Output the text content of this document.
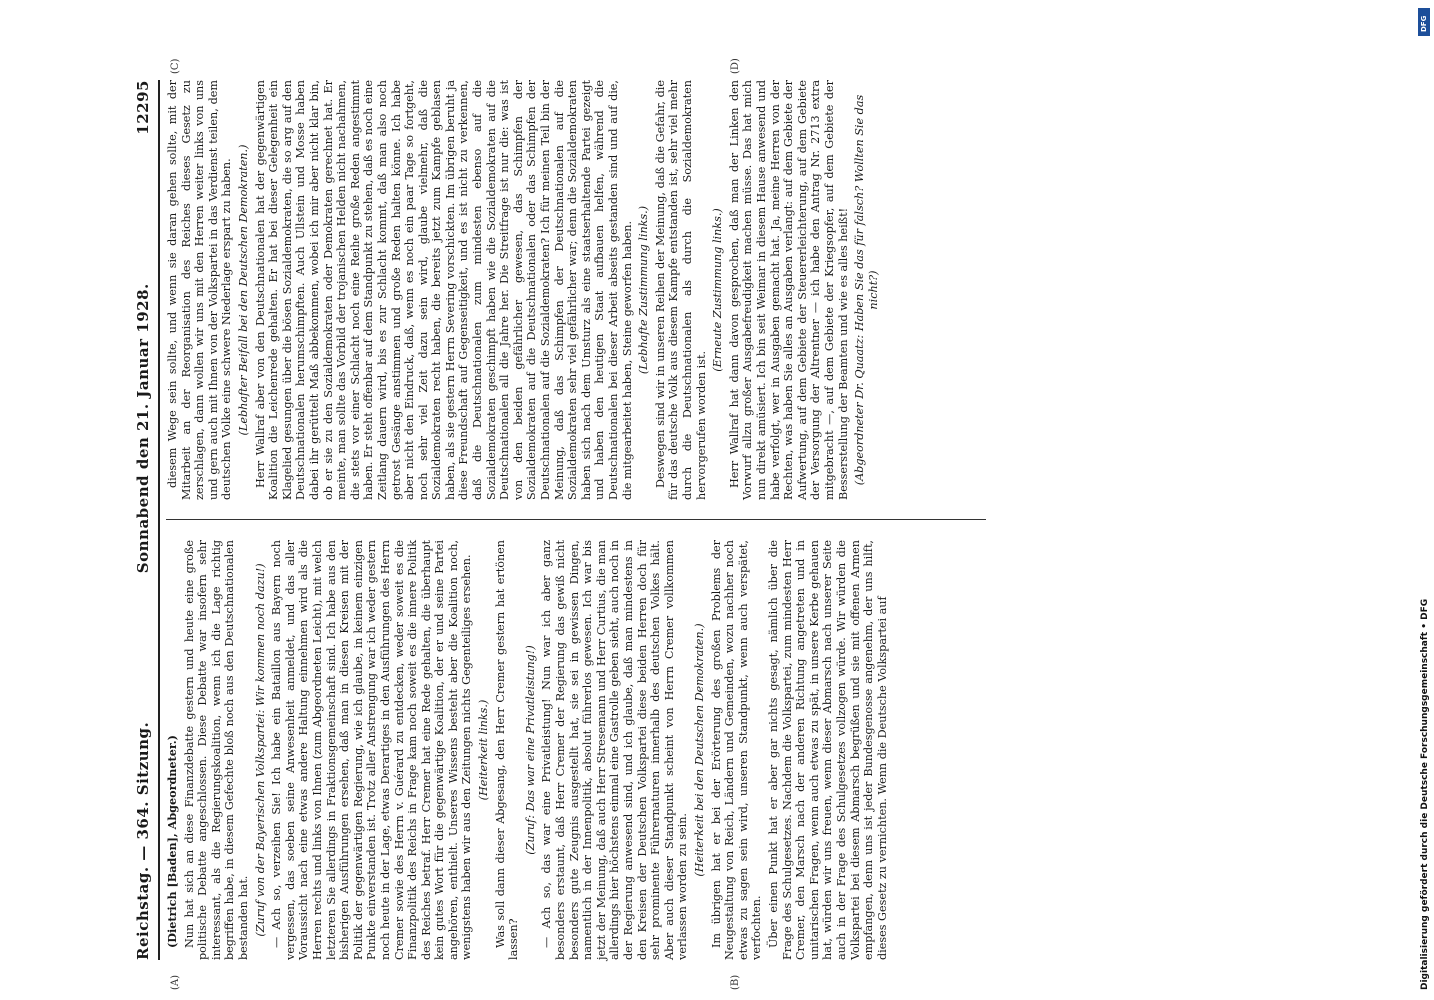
Reichstag. — 364. Sitzung.
Sonnabend den 21. Januar 1928.
12295

(Dietrich [Baden], Abgeordneter.) Nun hat sich an diese Finanzdebatte gestern und heute eine große politische Debatte angeschlossen. Diese Debatte war insofern sehr interessant, als die Regierungskoalition, wenn ich die Lage richtig begriffen habe, in diesem Gefechte bloß noch aus den Deutschnationalen bestanden hat. (Zuruf von der Bayerischen Volkspartei: Wir kommen noch dazu!) — Ach so, verzeihen Sie! Ich habe ein Bataillon aus Bayern noch vergessen, das soeben seine Anwesenheit anmeldet, und das aller Voraussicht nach eine etwas andere Haltung einnehmen wird als die Herren rechts und links von Ihnen (zum Abgeordneten Leicht), mit welch letzteren Sie allerdings in Fraktionsgemeinschaft sind. Ich habe aus den bisherigen Ausführungen ersehen, daß man in diesen Kreisen mit der Politik der gegenwärtigen Regierung, wie ich glaube, in keinem einzigen Punkte einverstanden ist. Trotz aller Anstrengung war ich weder gestern noch heute in der Lage, etwas Derartiges in den Ausführungen des Herrn Cremer sowie des Herrn v. Guérard zu entdecken, weder soweit es die Finanzpolitik des Reichs in Frage kam noch soweit es die innere Politik des Reiches betraf. Herr Cremer hat eine Rede gehalten, die überhaupt kein gutes Wort für die gegenwärtige Koalition, der er und seine Partei angehören, enthielt. Unseres Wissens besteht aber die Koalition noch, wenigstens haben wir aus den Zeitungen nichts Gegenteiliges ersehen. (Heiterkeit links.) Was soll dann dieser Abgesang, den Herr Cremer gestern hat ertönen lassen?

(Zuruf: Das war eine Privatleistung!) — Ach so, das war eine Privatleistung! Nun war ich aber ganz besonders erstaunt, daß Herr Cremer der Regierung das gewiß nicht besonders gute Zeugnis ausgestellt hat, sie sei in gewissen Dingen, namentlich in der Innenpolitik, absolut führerlos gewesen. Ich war bis jetzt der Meinung, daß auch Herr Stresemann und Herr Curtius, die man allerdings hier höchstens einmal eine Gastrolle geben sieht, auch noch in der Regierung anwesend sind, und ich glaube, daß man mindestens in den Kreisen der Deutschen Volkspartei diese beiden Herren doch für sehr prominente Führernaturen innerhalb des deutschen Volkes hält. Aber auch dieser Standpunkt scheint von Herrn Cremer vollkommen verlassen worden zu sein.

(Heiterkeit bei den Deutschen Demokraten.) Im übrigen hat er bei der Erörterung des großen Problems der Neugestaltung von Reich, Ländern und Gemeinden, wozu nachher noch etwas zu sagen sein wird, unseren Standpunkt, wenn auch verspätet, verfochten. Über einen Punkt hat er aber gar nichts gesagt, nämlich über die Frage des Schulgesetzes. Nachdem die Volkspartei, zum mindesten Herr Cremer, den Marsch nach der anderen Richtung angetreten und in unitarischen Fragen, wenn auch etwas zu spät, in unsere Kerbe gehauen hat, würden wir uns freuen, wenn dieser Abmarsch nach unserer Seite auch in der Frage des Schulgesetzes vollzogen würde. Wir würden die Volkspartei bei diesem Abmarsch begrüßen und sie mit offenen Armen empfangen, denn uns ist jeder Bundesgenosse angenehm, der uns hilft, dieses Gesetz zu vernichten. Wenn die Deutsche Volkspartei auf

diesem Wege sein sollte, und wenn sie daran gehen sollte, mit der Mitarbeit an der Reorganisation des Reiches dieses Gesetz zu zerschlagen, dann wollen wir uns mit den Herren weiter links von uns und gern auch mit Ihnen von der Volkspartei in das Verdienst teilen, dem deutschen Volke eine schwere Niederlage erspart zu haben. (Lebhafter Beifall bei den Deutschen Demokraten.) Herr Wallraf aber von den Deutschnationalen hat der gegenwärtigen Koalition die Leichenrede gehalten. Er hat bei dieser Gelegenheit ein Klagelied gesungen über die bösen Sozialdemokraten, die so arg auf den Deutschnationalen herumschimpften. Auch Ullstein und Mosse haben dabei ihr gerüttelt Maß abbekommen, wobei ich mir aber nicht klar bin, ob er sie zu den Sozialdemokraten oder Demokraten gerechnet hat. Er meinte, man sollte das Vorbild der trojanischen Helden nicht nachahmen, die stets vor einer Schlacht noch eine Reihe große Reden angestimmt haben. Er steht offenbar auf dem Standpunkt zu stehen, daß es noch eine Zeitlang dauern wird, bis es zur Schlacht kommt, daß man also noch getrost Gesänge anstimmen und große Reden halten könne. Ich habe aber nicht den Eindruck, daß, wenn es noch ein paar Tage so fortgeht, noch sehr viel Zeit dazu sein wird, glaube vielmehr, daß die Sozialdemokraten recht haben, die bereits jetzt zum Kampfe geblasen haben, als sie gestern Herrn Severing vorschickten. Im übrigen beruht ja diese Freundschaft auf Gegenseitigkeit, und es ist nicht zu verkennen, daß die Deutschnationalen zum mindesten ebenso auf die Sozialdemokraten geschimpft haben wie die Sozialdemokraten auf die Deutschnationalen all die Jahre her. Die Streitfrage ist nur die: was ist von den beiden gefährlicher gewesen, das Schimpfen der Sozialdemokraten auf die Deutschnationalen oder das Schimpfen der Deutschnationalen auf die Sozialdemokraten? Ich für meinen Teil bin der Meinung, daß das Schimpfen der Deutschnationalen auf die Sozialdemokraten sehr viel gefährlicher war; denn die Sozialdemokraten haben sich nach dem Umsturz als eine staatserhaltende Partei gezeigt und haben den heutigen Staat aufbauen helfen, während die Deutschnationalen bei dieser Arbeit abseits gestanden sind und auf die, die mitgearbeitet haben, Steine geworfen haben. (Lebhafte Zustimmung links.) Deswegen sind wir in unseren Reihen der Meinung, daß die Gefahr, die für das deutsche Volk aus diesem Kampfe entstanden ist, sehr viel mehr durch die Deutschnationalen als durch die Sozialdemokraten hervorgerufen worden ist.

(Erneute Zustimmung links.) Herr Wallraf hat dann davon gesprochen, daß man der Linken den Vorwurf allzu großer Ausgabefreudigkeit machen müsse. Das hat mich nun direkt amüsiert. Ich bin seit Weimar in diesem Hause anwesend und habe verfolgt, wer in Ausgaben gemacht hat. Ja, meine Herren von der Rechten, was haben Sie alles an Ausgaben verlangt: auf dem Gebiete der Aufwertung, auf dem Gebiete der Steuererleichterung, auf dem Gebiete der Versorgung der Altrentner — ich habe den Antrag Nr. 2713 extra mitgebracht —, auf dem Gebiete der Kriegsopfer, auf dem Gebiete der Besserstellung der Beamten und wie es alles heißt! (Abgeordneter Dr. Quaatz: Haben Sie das für falsch? Wollten Sie das nicht?)

(A)	(B)
(C)	(D)
Digitalisierung gefördert durch die Deutsche Forschungsgemeinschaft • DFG
DFG
